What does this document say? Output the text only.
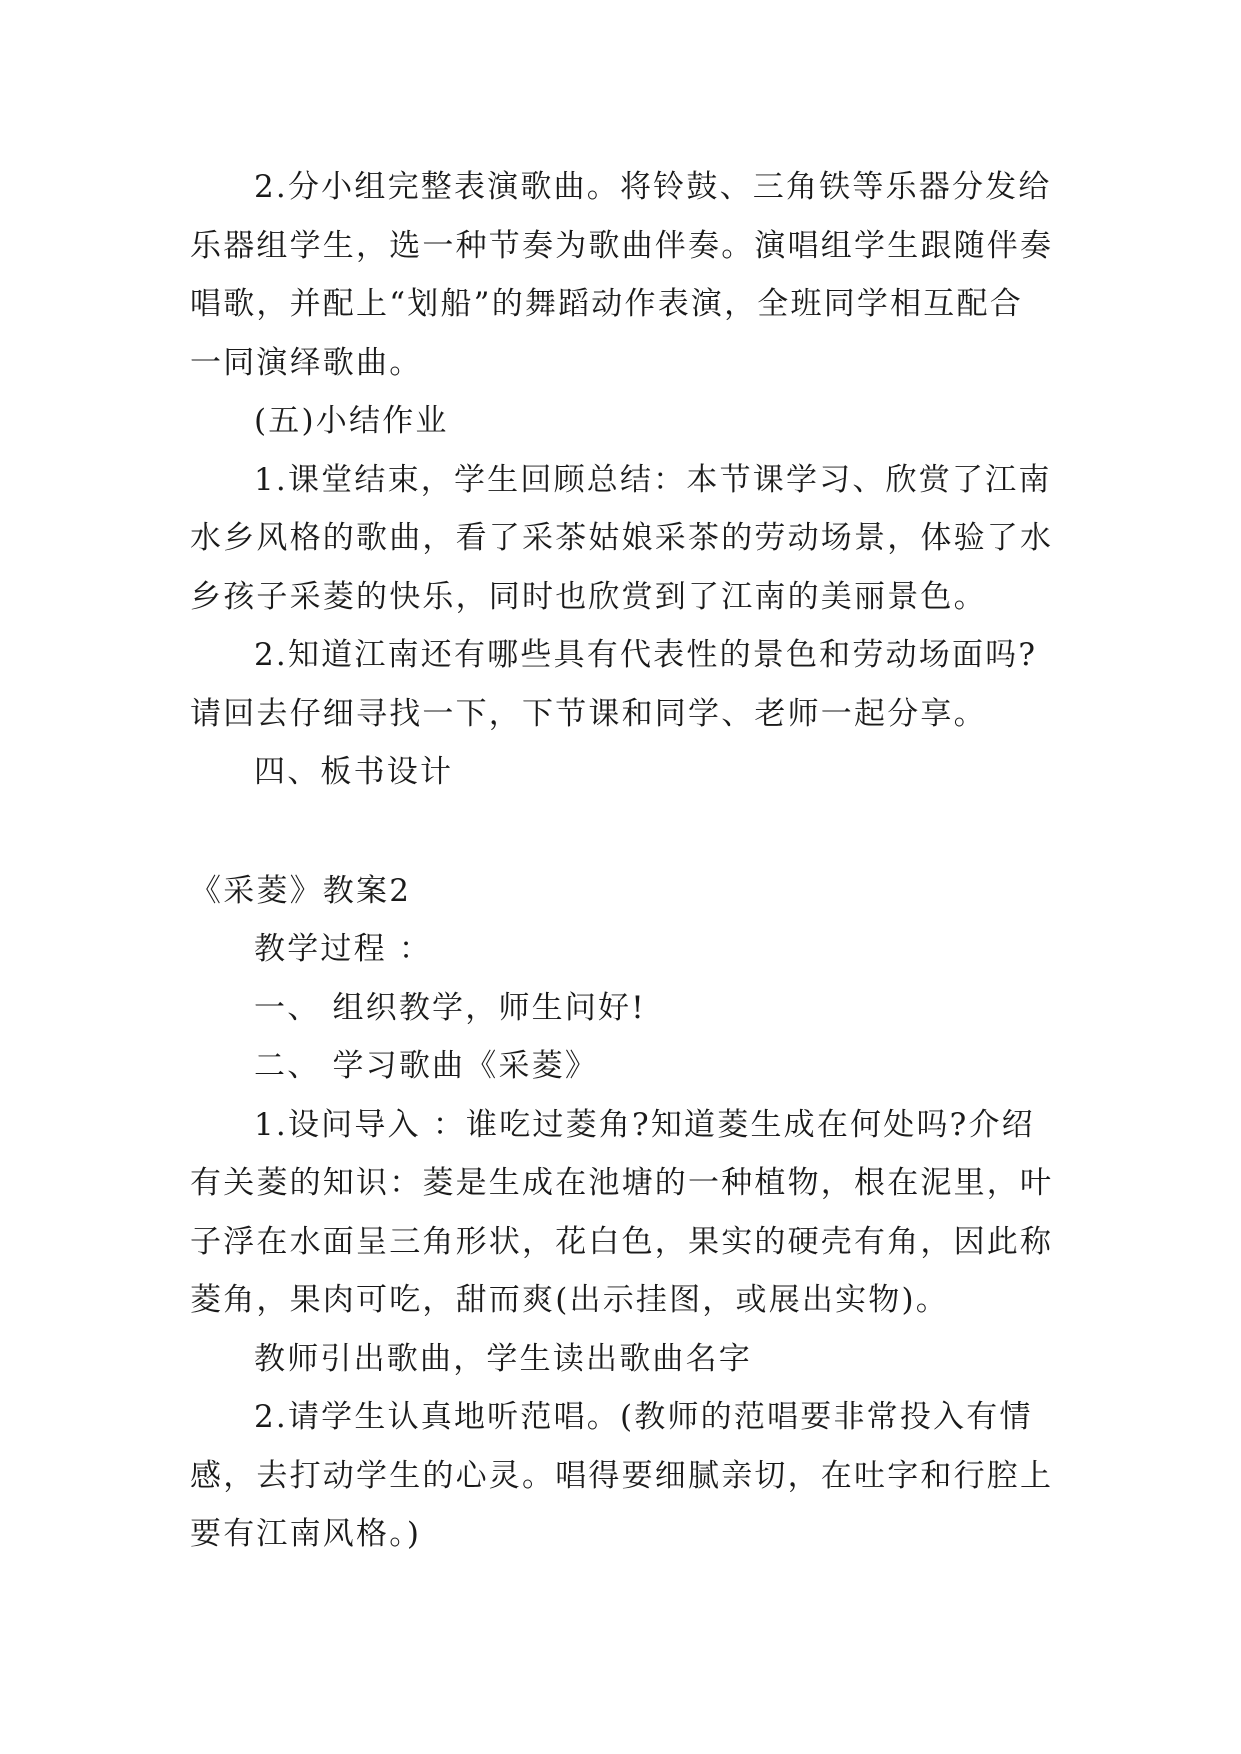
2.分小组完整表演歌曲。将铃鼓、三角铁等乐器分发给
乐器组学生，选一种节奏为歌曲伴奏。演唱组学生跟随伴奏
唱歌，并配上“划船”的舞蹈动作表演，全班同学相互配合
一同演绎歌曲。
(五)小结作业
1.课堂结束，学生回顾总结：本节课学习、欣赏了江南
水乡风格的歌曲，看了采茶姑娘采茶的劳动场景，体验了水
乡孩子采菱的快乐，同时也欣赏到了江南的美丽景色。
2.知道江南还有哪些具有代表性的景色和劳动场面吗?
请回去仔细寻找一下，下节课和同学、老师一起分享。
四、板书设计
《采菱》教案2
教学过程 ：
一、 组织教学，师生问好!
二、 学习歌曲《采菱》
1.设问导入 ：谁吃过菱角?知道菱生成在何处吗?介绍
有关菱的知识：菱是生成在池塘的一种植物，根在泥里，叶
子浮在水面呈三角形状，花白色，果实的硬壳有角，因此称
菱角，果肉可吃，甜而爽(出示挂图，或展出实物)。
教师引出歌曲，学生读出歌曲名字
2.请学生认真地听范唱。(教师的范唱要非常投入有情
感，去打动学生的心灵。唱得要细腻亲切，在吐字和行腔上
要有江南风格。)
